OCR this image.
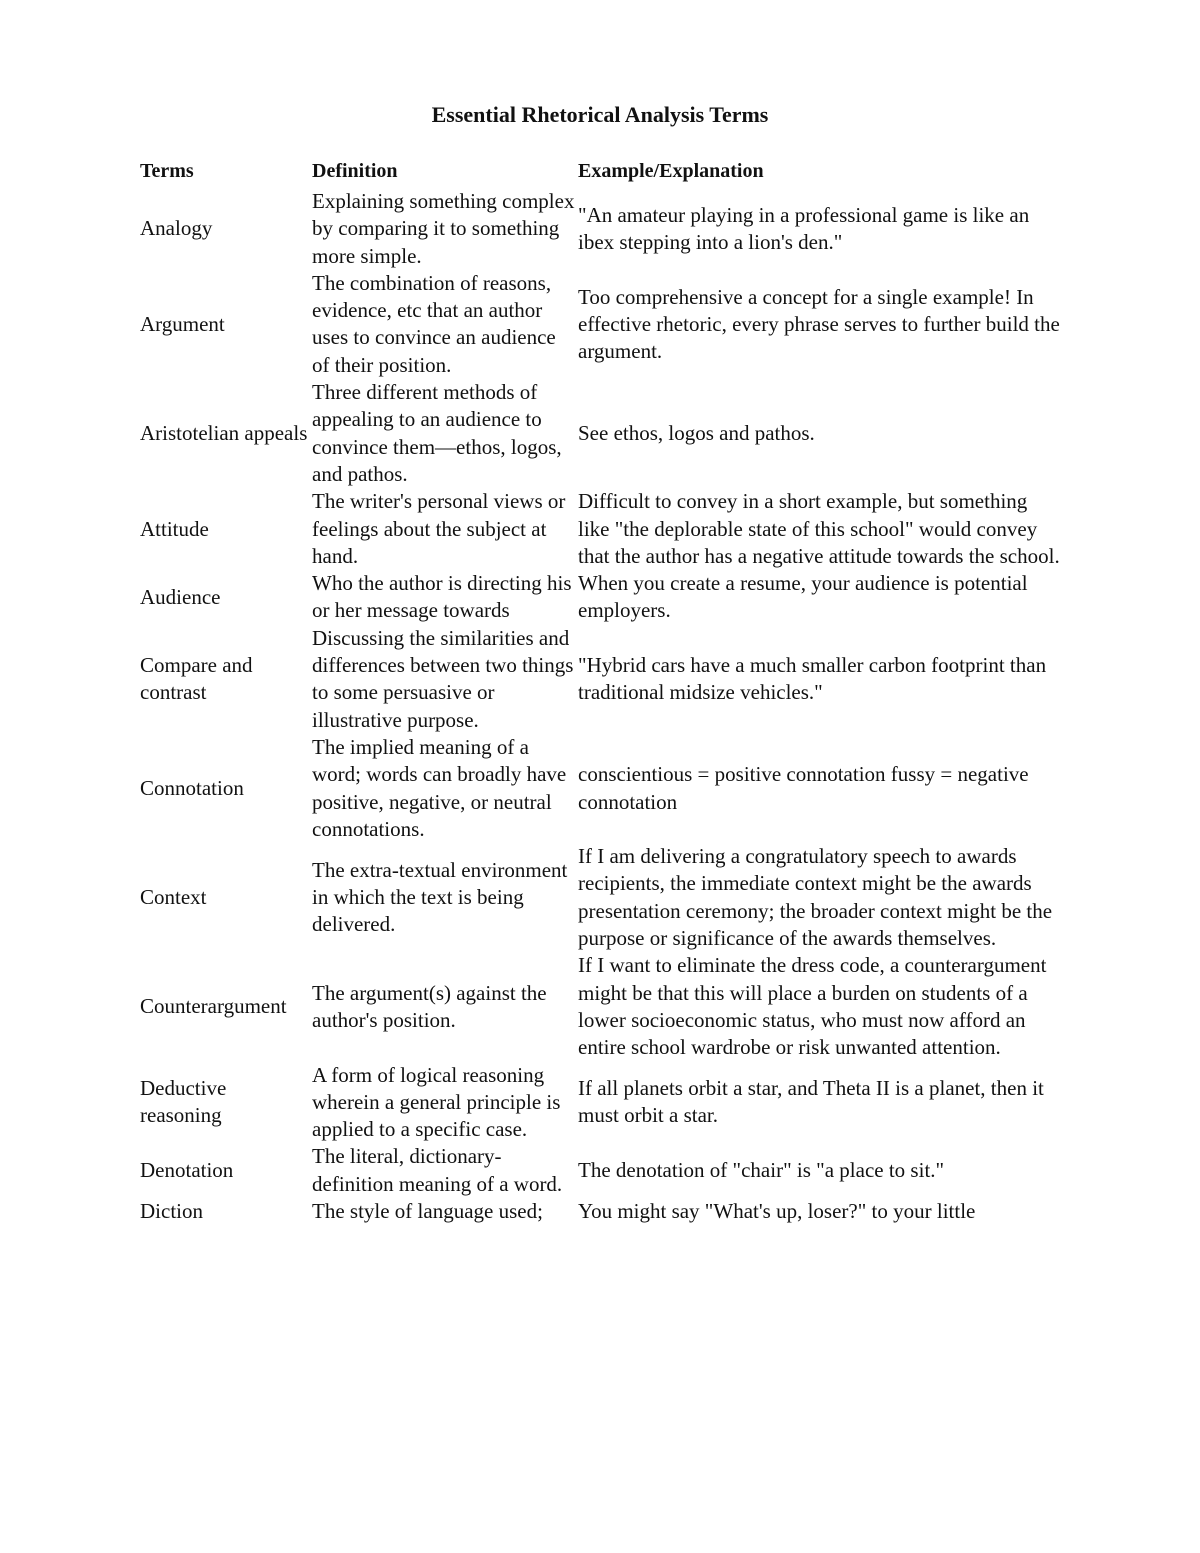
Essential Rhetorical Analysis Terms
Terms	Definition	Example/Explanation
Analogy	Explaining something complex by comparing it to something more simple.	"An amateur playing in a professional game is like an ibex stepping into a lion's den."
Argument	The combination of reasons, evidence, etc that an author uses to convince an audience of their position.	Too comprehensive a concept for a single example! In effective rhetoric, every phrase serves to further build the argument.
Aristotelian appeals	Three different methods of appealing to an audience to convince them—ethos, logos, and pathos.	See ethos, logos and pathos.
Attitude	The writer's personal views or feelings about the subject at hand.	Difficult to convey in a short example, but something like "the deplorable state of this school" would convey that the author has a negative attitude towards the school.
Audience	Who the author is directing his or her message towards	When you create a resume, your audience is potential employers.
Compare and contrast	Discussing the similarities and differences between two things to some persuasive or illustrative purpose.	"Hybrid cars have a much smaller carbon footprint than traditional midsize vehicles."
Connotation	The implied meaning of a word; words can broadly have positive, negative, or neutral connotations.	conscientious = positive connotation fussy = negative connotation
Context	The extra-textual environment in which the text is being delivered.	If I am delivering a congratulatory speech to awards recipients, the immediate context might be the awards presentation ceremony; the broader context might be the purpose or significance of the awards themselves.
Counterargument	The argument(s) against the author's position.	If I want to eliminate the dress code, a counterargument might be that this will place a burden on students of a lower socioeconomic status, who must now afford an entire school wardrobe or risk unwanted attention.
Deductive reasoning	A form of logical reasoning wherein a general principle is applied to a specific case.	If all planets orbit a star, and Theta II is a planet, then it must orbit a star.
Denotation	The literal, dictionary-definition meaning of a word.	The denotation of "chair" is "a place to sit."
Diction	The style of language used;	You might say "What's up, loser?" to your little
